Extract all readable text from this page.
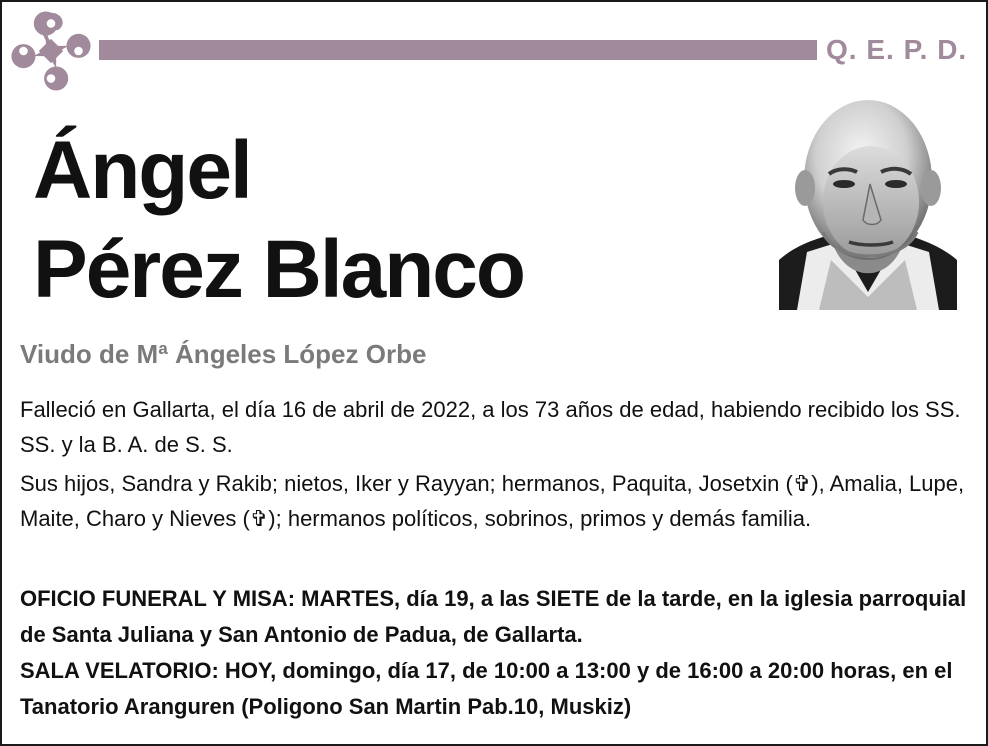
Q. E. P. D.
Ángel
Pérez Blanco
Viudo de Mª Ángeles López Orbe

Falleció en Gallarta, el día 16 de abril de 2022, a los 73 años de edad, habiendo recibido los SS. SS. y la B. A. de S. S.

Sus hijos, Sandra y Rakib; nietos, Iker y Rayyan; hermanos, Paquita, Josetxin (✞), Amalia, Lupe, Maite, Charo y Nieves (✞); hermanos políticos, sobrinos, primos y demás familia.

OFICIO FUNERAL Y MISA: MARTES, día 19, a las SIETE de la tarde, en la iglesia parroquial de Santa Juliana y San Antonio de Padua, de Gallarta.

SALA VELATORIO: HOY, domingo, día 17, de 10:00 a 13:00 y de 16:00 a 20:00 horas, en el Tanatorio Aranguren (Poligono San Martin Pab.10, Muskiz)
